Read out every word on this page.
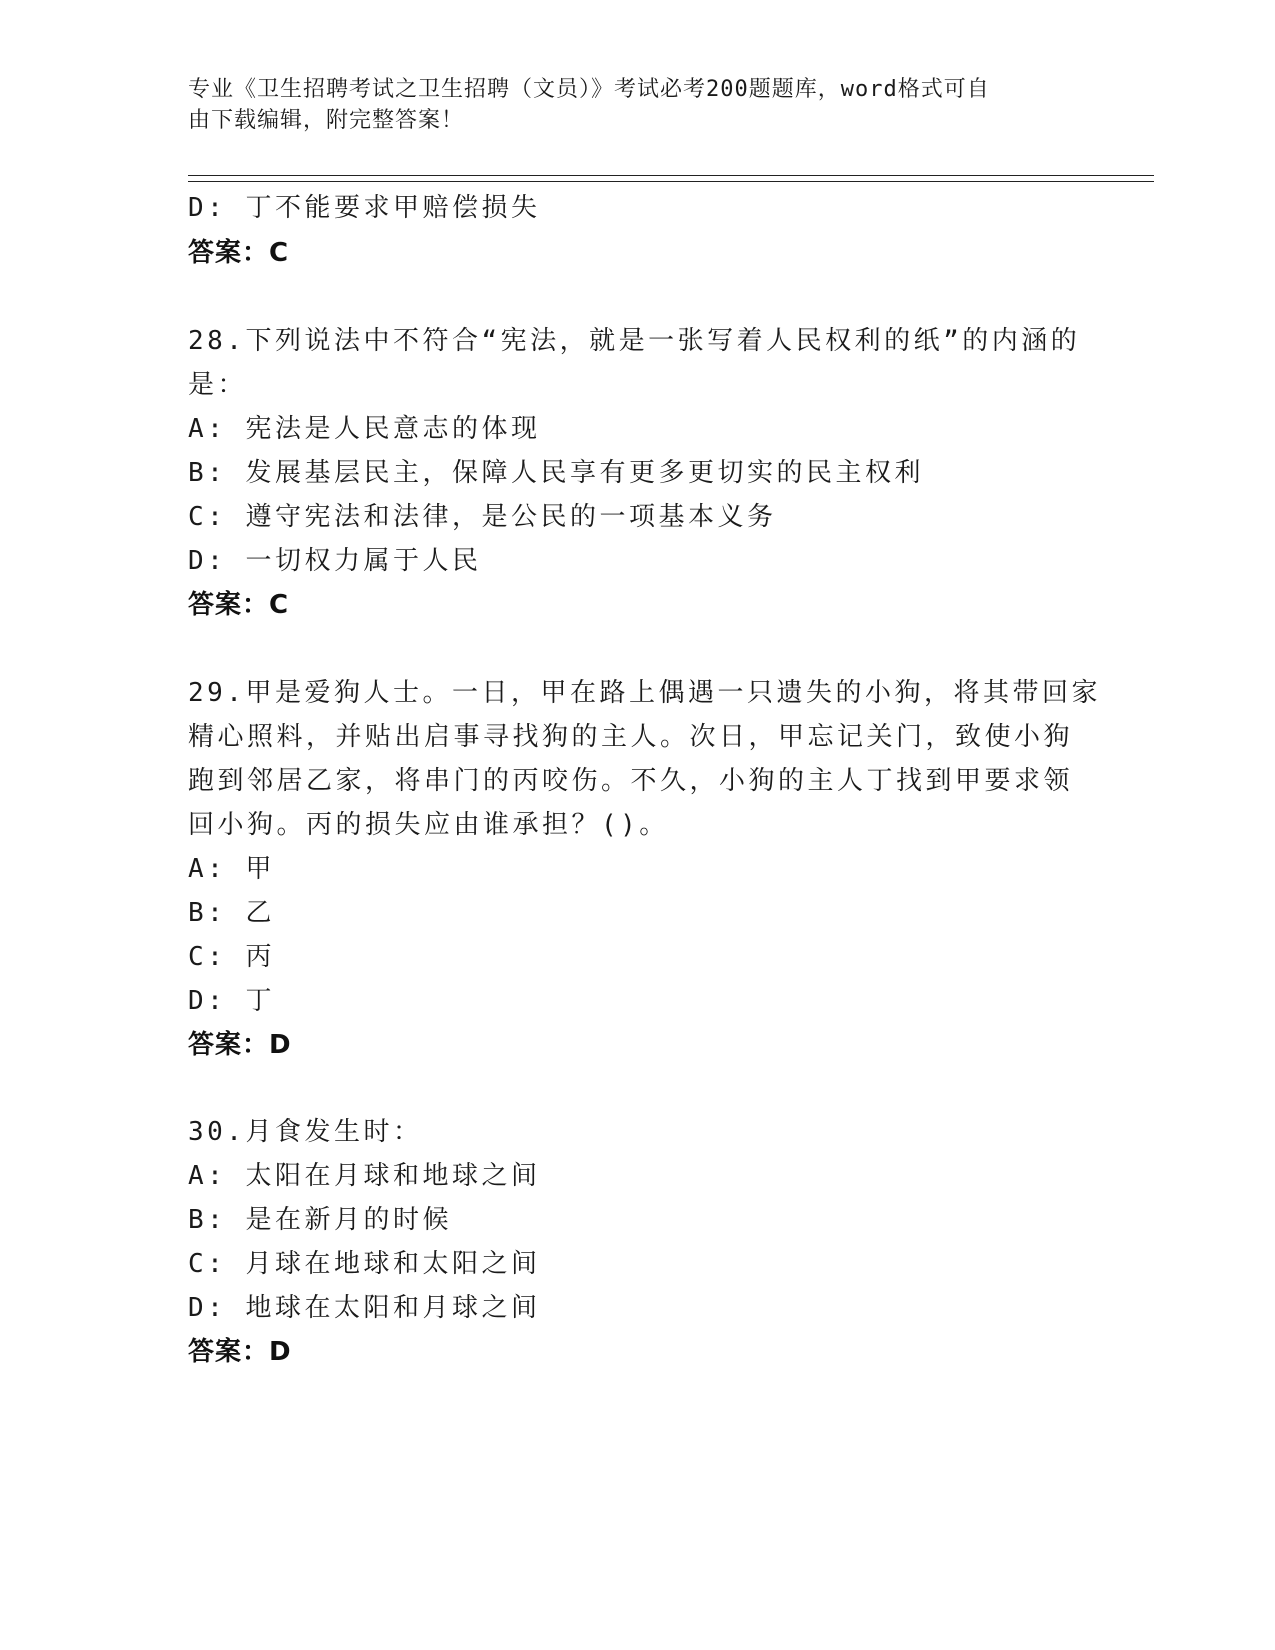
专业《卫生招聘考试之卫生招聘（文员）》考试必考200题题库，word格式可自
由下载编辑，附完整答案！
D: 丁不能要求甲赔偿损失
答案：C
28.下列说法中不符合“宪法，就是一张写着人民权利的纸”的内涵的
是：
A: 宪法是人民意志的体现
B: 发展基层民主，保障人民享有更多更切实的民主权利
C: 遵守宪法和法律，是公民的一项基本义务
D: 一切权力属于人民
答案：C
29.甲是爱狗人士。一日，甲在路上偶遇一只遗失的小狗，将其带回家
精心照料，并贴出启事寻找狗的主人。次日，甲忘记关门，致使小狗
跑到邻居乙家，将串门的丙咬伤。不久，小狗的主人丁找到甲要求领
回小狗。丙的损失应由谁承担？()。
A: 甲
B: 乙
C: 丙
D: 丁
答案：D
30.月食发生时：
A: 太阳在月球和地球之间
B: 是在新月的时候
C: 月球在地球和太阳之间
D: 地球在太阳和月球之间
答案：D
